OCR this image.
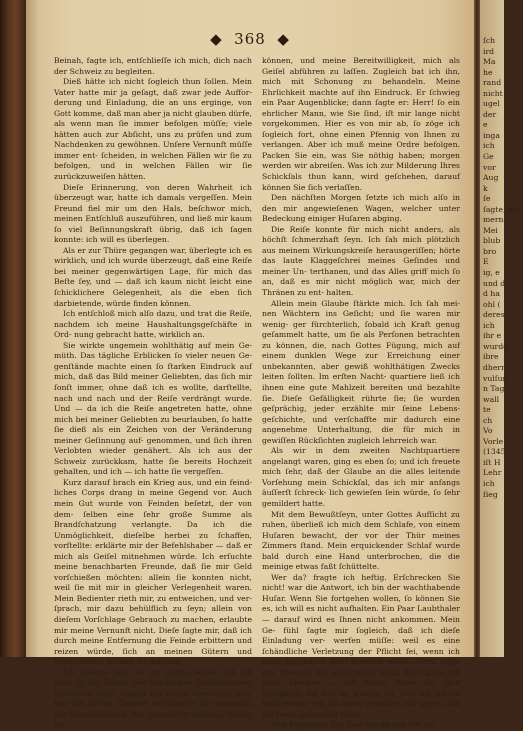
◆ 368 ◆

Beinah, fagte ich, entſchlieſſe ich mich, dich nach der Schweiz zu begleiten.

Dieß hätte ich nicht ſogleich thun ſollen. Mein Vater hatte mir ja geſagt, daß zwar jede Auffor- derung und Einladung, die an uns erginge, von Gott komme, daß man aber ja nicht glauben dürfe, als wenn man ſie immer befolgen müſſe; viele hätten auch zur Abſicht, uns zu prüfen und zum Nachdenken zu gewöhnen. Unſere Vernunft müſſe immer ent- ſcheiden, in welchen Fällen wir ſie zu befolgen, und in welchen Fällen wir ſie zurückzuweiſen hätten.

Dieſe Erinnerung, von deren Wahrheit ich überzeugt war, hatte ich damals vergeſſen. Mein Freund fiel mir um den Hals, beſchwor mich, meinen Entſchluß auszuführen, und ließ mir kaum ſo viel Beſinnungskraft übrig, daß ich ſagen konnte: ich will es überlegen.

Als er zur Thüre gegangen war, überlegte ich es wirklich, und ich wurde überzeugt, daß eine Reiſe bei meiner gegenwärtigen Lage, für mich das Beſte ſey, und — daß ich kaum nicht leicht eine ſchicklichere Gelegenheit, als die eben ſich darbietende, würde finden können.

Ich entſchloß mich alſo dazu, und trat die Reiſe, nachdem ich meine Haushaltungsgeſchäfte in Ord- nung gebracht hatte, wirklich an.

Sie wirkte ungemein wohlthätig auf mein Ge- müth. Das tägliche Erblicken ſo vieler neuen Ge- genſtände machte einen ſo ſtarken Eindruck auf mich, daß das Bild meiner Geliebten, das ſich mir ſonſt immer, ohne daß ich es wollte, darſtellte, nach und nach und der Reiſe verdrängt wurde. Und — da ich die Reiſe angetreten hatte, ohne mich bei meiner Geliebten zu beurlauben, ſo hatte ſie dieß als ein Zeichen von der Veränderung meiner Geſinnung auf- genommen, und ſich ihren Verlobten wieder genähert. Als ich aus der Schweiz zurückkam, hatte ſie bereits Hochzeit gehalten, und ich — ich hatte ſie vergeſſen.

Kurz darauf brach ein Krieg aus, und ein feind- liches Corps drang in meine Gegend vor. Auch mein Gut wurde von Feinden beſetzt, der von dem- ſelben eine ſehr große Summe als Brandſchatzung verlangte. Da ich die Unmöglichkeit, dieſelbe herbei zu ſchaffen, vorſtellte: erklärte mir der Befehlshaber — daß er mich als Geiſel mitnehmen würde. Ich erſuchte meine benachbarten Freunde, daß ſie mir Geld vorſchießen möchten: allein ſie konnten nicht, weil ſie mit mir in gleicher Verlegenheit waren. Mein Bedienter rieth mir, zu entweichen, und ver- ſprach, mir dazu behülflich zu ſeyn; allein von dieſem Vorſchlage Gebrauch zu machen, erlaubte mir meine Vernunft nicht. Dieſe ſagte mir, daß ich durch meine Entfernung die Feinde erbittern und reizen würde, ſich an meinen Gütern und Unterthanen bezahlt zu machen.

Ich glaubte alſo, es ſey Gottes Wille, daß ich mich in die Hände des feindlichen Befehlshabers ausliefern ſolle. Sobald ich davon überzeugt war, trat ich in ſein Zimmer, verſicherte ihn nochmals die Unmöglichkeit, die geforderte Zahlung leiſten zu

können, und meine Bereitwilligkeit, mich als Geiſel abführen zu laſſen. Zugleich bat ich ihn, mich mit Schonung zu behandeln. Meine Ehrlichkeit machte auf ihn Eindruck. Er ſchwieg ein Paar Augenblicke; dann ſagte er: Herr! ſo ein ehrlicher Mann, wie Sie ſind, iſt mir lange nicht vorgekommen. Hier es von mir ab, ſo zöge ich ſogleich fort, ohne einen Pfennig von Ihnen zu verlangen. Aber ich muß meine Ordre befolgen. Packen Sie ein, was Sie nöthig haben; morgen werden wir abreiſen. Was ich zur Milderung Ihres Schickſals thun kann, wird geſchehen, darauf können Sie ſich verlaſſen.

Den nächſten Morgen ſetzte ich mich alſo in den mir angewieſenen Wagen, welcher unter Bedeckung einiger Huſaren abging.

Die Reiſe konnte für mich nicht anders, als höchſt ſchmerzhaft ſeyn. Ich ſah mich plötzlich aus meinem Wirkungskreiſe herausgeriſſen; hörte das laute Klaggeſchrei meines Geſindes und meiner Un- terthanen, und das Alles griff mich ſo an, daß es mir nicht möglich war, mich der Thränen zu ent- halten.

Allein mein Glaube ſtärkte mich. Ich ſah mei- nen Wächtern ins Geſicht; und ſie waren mir wenig- ger fürchterlich, ſobald ich Kraft genug geſammelt hatte, um ſie als Perſonen betrachten zu können, die, nach Gottes Fügung, mich auf einem dunklen Wege zur Erreichung einer unbekannten, aber gewiß wohlthätigen Zwecks leiten ſollten. Im erſten Nacht- quartiere ließ ich ihnen eine gute Mahlzeit bereiten und bezahlte ſie. Dieſe Gefälligkeit rührte ſie; ſie wurden geſprächig, jeder erzählte mir ſeine Lebens- geſchichte, und verſchaffte mir dadurch eine angenehme Unterhaltung, die für mich in gewiſſen Rückſichten zugleich lehrreich war.

Als wir in dem zweiten Nachtquartiere angelangt waren, ging es eben ſo; und ich freuete mich ſehr, daß der Glaube an die alles leitende Vorſehung mein Schickſal, das ich mir anfangs äuſſerſt ſchreck- lich gewieſen ſein würde, ſo ſehr gemildert hatte.

Mit dem Bewußtſeyn, unter Gottes Aufſicht zu ruhen, überließ ich mich dem Schlafe, von einem Huſaren bewacht, der vor der Thür meines Zimmers ſtand. Mein erquickender Schlaf wurde bald durch eine Hand unterbrochen, die die meinige etwas faßt ſchüttelte.

Wer da? fragte ich heftig. Erſchrecken Sie nicht! war die Antwort, ich bin der wachthabende Huſar. Wenn Sie fortgehen wollen, ſo können Sie es, ich will es nicht aufhalten. Ein Paar Laubthaler — darauf wird es Ihnen nicht ankommen. Mein Ge- fühl ſagte mir ſogleich, daß ich dieſe Einladung ver- werfen müſſe: weil es eine ſchändliche Verletzung der Pflicht ſei, wenn ich mein gegebenes Wort brechen wollte. Nein! ſagte ich, Freund! das geht nicht. Mein Wort kann ich nicht brechen — ich danke Ihnen für Ihre Willigkeit. Da trat er wieder ab, und ich ſchlief bald wieder ein, da mein Gewiſſen mir ſagte, daß ich recht gehandelt hätte.

Den folgenden Tag kam ich an den Ort an,

ſch
ird
Ma
he
rand
nicht
ugel
der
e
inga
ich
Ge
vor
Aug
k
ſe
ſagte, ich
mern
Mei
blub
bro
E
ig, e
und d
d ha
ohl (
deres
ich
ihr e
wurde
ibre
dhern
vulſun
n Tag
wall
te
ch
Vo
Vorle
(1345
iſt H
Lehr
ich
ſieg
